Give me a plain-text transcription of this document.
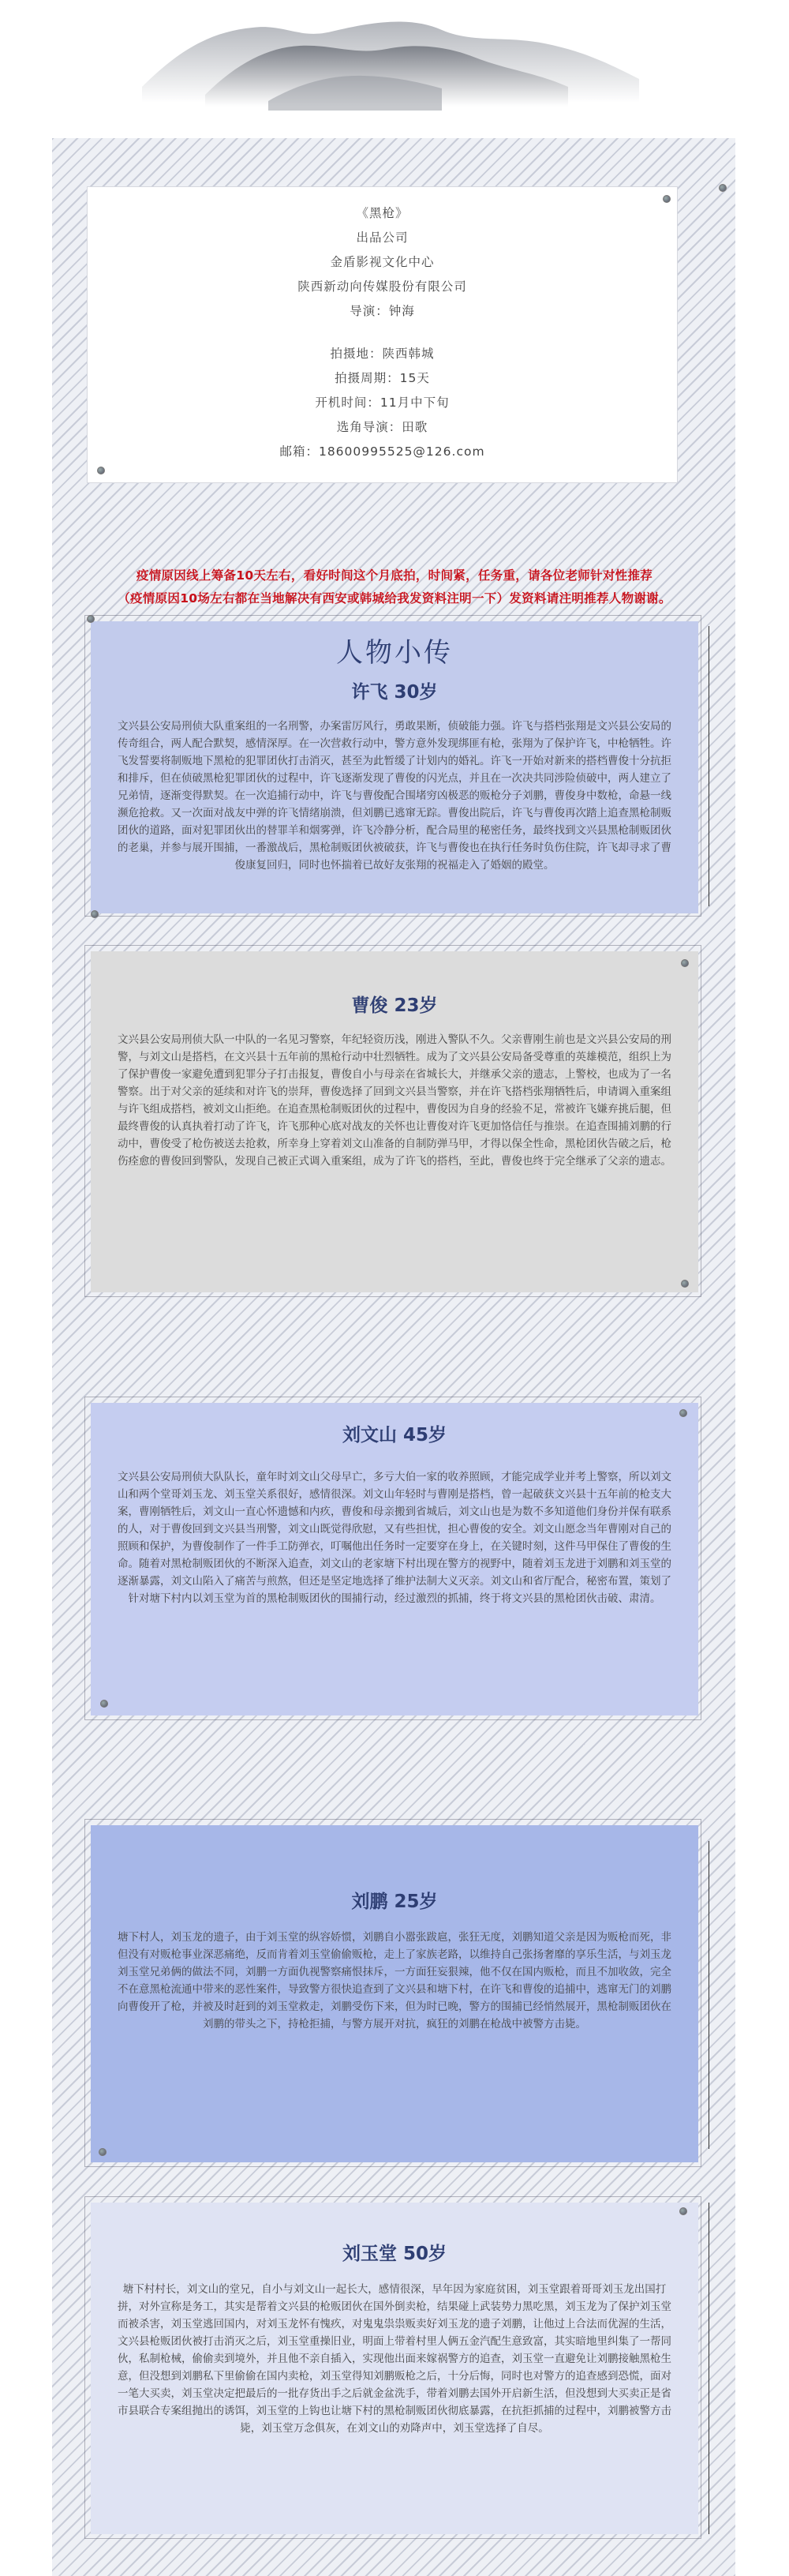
《黑枪》
出品公司
金盾影视文化中心
陕西新动向传媒股份有限公司
导演：钟海
拍摄地：陕西韩城
拍摄周期：15天
开机时间：11月中下旬
选角导演：田歌
邮箱：18600995525@126.com
疫情原因线上筹备10天左右，看好时间这个月底拍，时间紧，任务重，请各位老师针对性推荐
（疫情原因10场左右都在当地解决有西安或韩城给我发资料注明一下）发资料请注明推荐人物谢谢。
人物小传
许飞 30岁
文兴县公安局刑侦大队重案组的一名刑警，办案雷厉风行，勇敢果断，侦破能力强。许飞与搭档张翔是文兴县公安局的传奇组合，两人配合默契，感情深厚。在一次营救行动中，警方意外发现绑匪有枪，张翔为了保护许飞，中枪牺牲。许飞发誓要将制贩地下黑枪的犯罪团伙打击消灭，甚至为此暂缓了计划内的婚礼。许飞一开始对新来的搭档曹俊十分抗拒和排斥，但在侦破黑枪犯罪团伙的过程中，许飞逐渐发现了曹俊的闪光点，并且在一次决共同涉险侦破中，两人建立了兄弟情，逐渐变得默契。在一次追捕行动中，许飞与曹俊配合围堵穷凶极恶的贩枪分子刘鹏，曹俊身中数枪，命悬一线濒危抢救。又一次面对战友中弹的许飞情绪崩溃，但刘鹏已逃窜无踪。曹俊出院后，许飞与曹俊再次踏上追查黑枪制贩团伙的道路，面对犯罪团伙出的替罪羊和烟雾弹，许飞冷静分析，配合局里的秘密任务，最终找到文兴县黑枪制贩团伙的老巢，并参与展开围捕，一番激战后，黑枪制贩团伙被破获，许飞与曹俊也在执行任务时负伤住院，许飞却寻求了曹俊康复回归，同时也怀揣着已故好友张翔的祝福走入了婚姻的殿堂。
曹俊 23岁
文兴县公安局刑侦大队一中队的一名见习警察，年纪轻资历浅，刚进入警队不久。父亲曹刚生前也是文兴县公安局的刑警，与刘文山是搭档，在文兴县十五年前的黑枪行动中壮烈牺牲。成为了文兴县公安局备受尊重的英雄模范，组织上为了保护曹俊一家避免遭到犯罪分子打击报复，曹俊自小与母亲在省城长大，并继承父亲的遗志，上警校，也成为了一名警察。出于对父亲的延续和对许飞的崇拜，曹俊选择了回到文兴县当警察，并在许飞搭档张翔牺牲后，申请调入重案组与许飞组成搭档，被刘文山拒绝。在追查黑枪制贩团伙的过程中，曹俊因为自身的经验不足，常被许飞嫌弃挑后腿，但最终曹俊的认真执着打动了许飞，许飞那种心底对战友的关怀也让曹俊对许飞更加恪信任与推崇。在追查围捕刘鹏的行动中，曹俊受了枪伤被送去抢救，所幸身上穿着刘文山准备的自制防弹马甲，才得以保全性命，黑枪团伙告破之后，枪伤痊愈的曹俊回到警队，发现自己被正式调入重案组，成为了许飞的搭档，至此，曹俊也终于完全继承了父亲的遗志。
刘文山 45岁
文兴县公安局刑侦大队队长，童年时刘文山父母早亡，多亏大伯一家的收养照顾，才能完成学业并考上警察，所以刘文山和两个堂哥刘玉龙、刘玉堂关系很好，感情很深。刘文山年轻时与曹刚是搭档，曾一起破获文兴县十五年前的枪支大案，曹刚牺牲后，刘文山一直心怀遗憾和内疚，曹俊和母亲搬到省城后，刘文山也是为数不多知道他们身份并保有联系的人，对于曹俊回到文兴县当刑警，刘文山既觉得欣慰，又有些担忧，担心曹俊的安全。刘文山愿念当年曹刚对自己的照顾和保护，为曹俊制作了一件手工防弹衣，叮嘱他出任务时一定要穿在身上，在关键时刻，这件马甲保住了曹俊的生命。随着对黑枪制贩团伙的不断深入追查，刘文山的老家塘下村出现在警方的视野中，随着刘玉龙进于刘鹏和刘玉堂的逐渐暴露，刘文山陷入了痛苦与煎熬，但还是坚定地选择了维护法制大义灭亲。刘文山和省厅配合，秘密布置，策划了针对塘下村内以刘玉堂为首的黑枪制贩团伙的围捕行动，经过激烈的抓捕，终于将文兴县的黑枪团伙击破、肃清。
刘鹏 25岁
塘下村人，刘玉龙的遗子，由于刘玉堂的纵容娇惯，刘鹏自小嚣张跋扈，张狂无度，刘鹏知道父亲是因为贩枪而死，非但没有对贩枪事业深恶痛绝，反而肯着刘玉堂偷偷贩枪，走上了家族老路，以维持自己张扬奢靡的享乐生活，与刘玉龙刘玉堂兄弟俩的做法不同，刘鹏一方面仇视警察痛恨抹斥，一方面狂妄狠辣，他不仅在国内贩枪，而且不加收敛，完全不在意黑枪流通中带来的恶性案件，导致警方很快追查到了文兴县和塘下村，在许飞和曹俊的追捕中，逃窜无门的刘鹏向曹俊开了枪，并被及时赶到的刘玉堂救走，刘鹏受伤下来，但为时已晚，警方的围捕已经悄然展开，黑枪制贩团伙在刘鹏的带头之下，持枪拒捕，与警方展开对抗，疯狂的刘鹏在枪战中被警方击毙。
刘玉堂 50岁
塘下村村长，刘文山的堂兄，自小与刘文山一起长大，感情很深，早年因为家庭贫困，刘玉堂跟着哥哥刘玉龙出国打拼，对外宣称是务工，其实是帮着文兴县的枪贩团伙在国外倒卖枪，结果碰上武装势力黑吃黑，刘玉龙为了保护刘玉堂而被杀害，刘玉堂逃回国内，对刘玉龙怀有愧疚，对鬼鬼祟祟贩卖好刘玉龙的遗子刘鹏，让他过上合法而优渥的生活，文兴县枪贩团伙被打击消灭之后，刘玉堂重操旧业，明面上带着村里人俩五金汽配生意致富，其实暗地里纠集了一帮同伙，私制枪械，偷偷卖到境外，并且他不亲自插入，实现他出面来嫁祸警方的追查，刘玉堂一直避免让刘鹏接触黑枪生意，但没想到刘鹏私下里偷偷在国内卖枪，刘玉堂得知刘鹏贩枪之后，十分后悔，同时也对警方的追查感到恐慌，面对一笔大买卖，刘玉堂决定把最后的一批存货出手之后就金盆洗手，带着刘鹏去国外开启新生活，但没想到大买卖正是省市县联合专案组抛出的诱饵，刘玉堂的上钩也让塘下村的黑枪制贩团伙彻底暴露，在抗拒抓捕的过程中，刘鹏被警方击毙，刘玉堂万念俱灰，在刘文山的劝降声中，刘玉堂选择了自尽。
